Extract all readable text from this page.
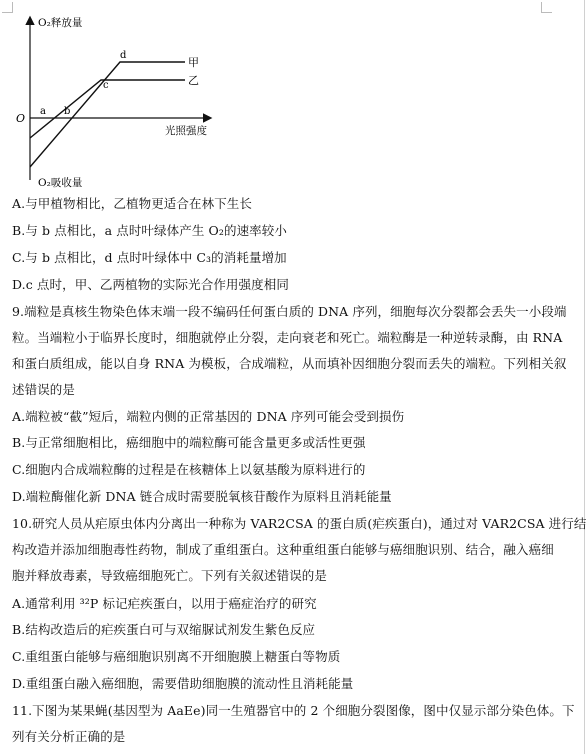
O₂释放量
O₂吸收量
光照强度
O
甲
乙
a b
c
d
A.与甲植物相比，乙植物更适合在林下生长
B.与 b 点相比，a 点时叶绿体产生 O₂的速率较小
C.与 b 点相比，d 点时叶绿体中 C₃的消耗量增加
D.c 点时，甲、乙两植物的实际光合作用强度相同
9.端粒是真核生物染色体末端一段不编码任何蛋白质的 DNA 序列，细胞每次分裂都会丢失一小段端
粒。当端粒小于临界长度时，细胞就停止分裂，走向衰老和死亡。端粒酶是一种逆转录酶，由 RNA
和蛋白质组成，能以自身 RNA 为模板，合成端粒，从而填补因细胞分裂而丢失的端粒。下列相关叙
述错误的是
A.端粒被“截”短后，端粒内侧的正常基因的 DNA 序列可能会受到损伤
B.与正常细胞相比，癌细胞中的端粒酶可能含量更多或活性更强
C.细胞内合成端粒酶的过程是在核糖体上以氨基酸为原料进行的
D.端粒酶催化新 DNA 链合成时需要脱氧核苷酸作为原料且消耗能量
10.研究人员从疟原虫体内分离出一种称为 VAR2CSA 的蛋白质(疟疾蛋白)，通过对 VAR2CSA 进行结
构改造并添加细胞毒性药物，制成了重组蛋白。这种重组蛋白能够与癌细胞识别、结合，融入癌细
胞并释放毒素，导致癌细胞死亡。下列有关叙述错误的是
A.通常利用 ³²P 标记疟疾蛋白，以用于癌症治疗的研究
B.结构改造后的疟疾蛋白可与双缩脲试剂发生紫色反应
C.重组蛋白能够与癌细胞识别离不开细胞膜上糖蛋白等物质
D.重组蛋白融入癌细胞，需要借助细胞膜的流动性且消耗能量
11.下图为某果蝇(基因型为 AaEe)同一生殖器官中的 2 个细胞分裂图像，图中仅显示部分染色体。下
列有关分析正确的是
